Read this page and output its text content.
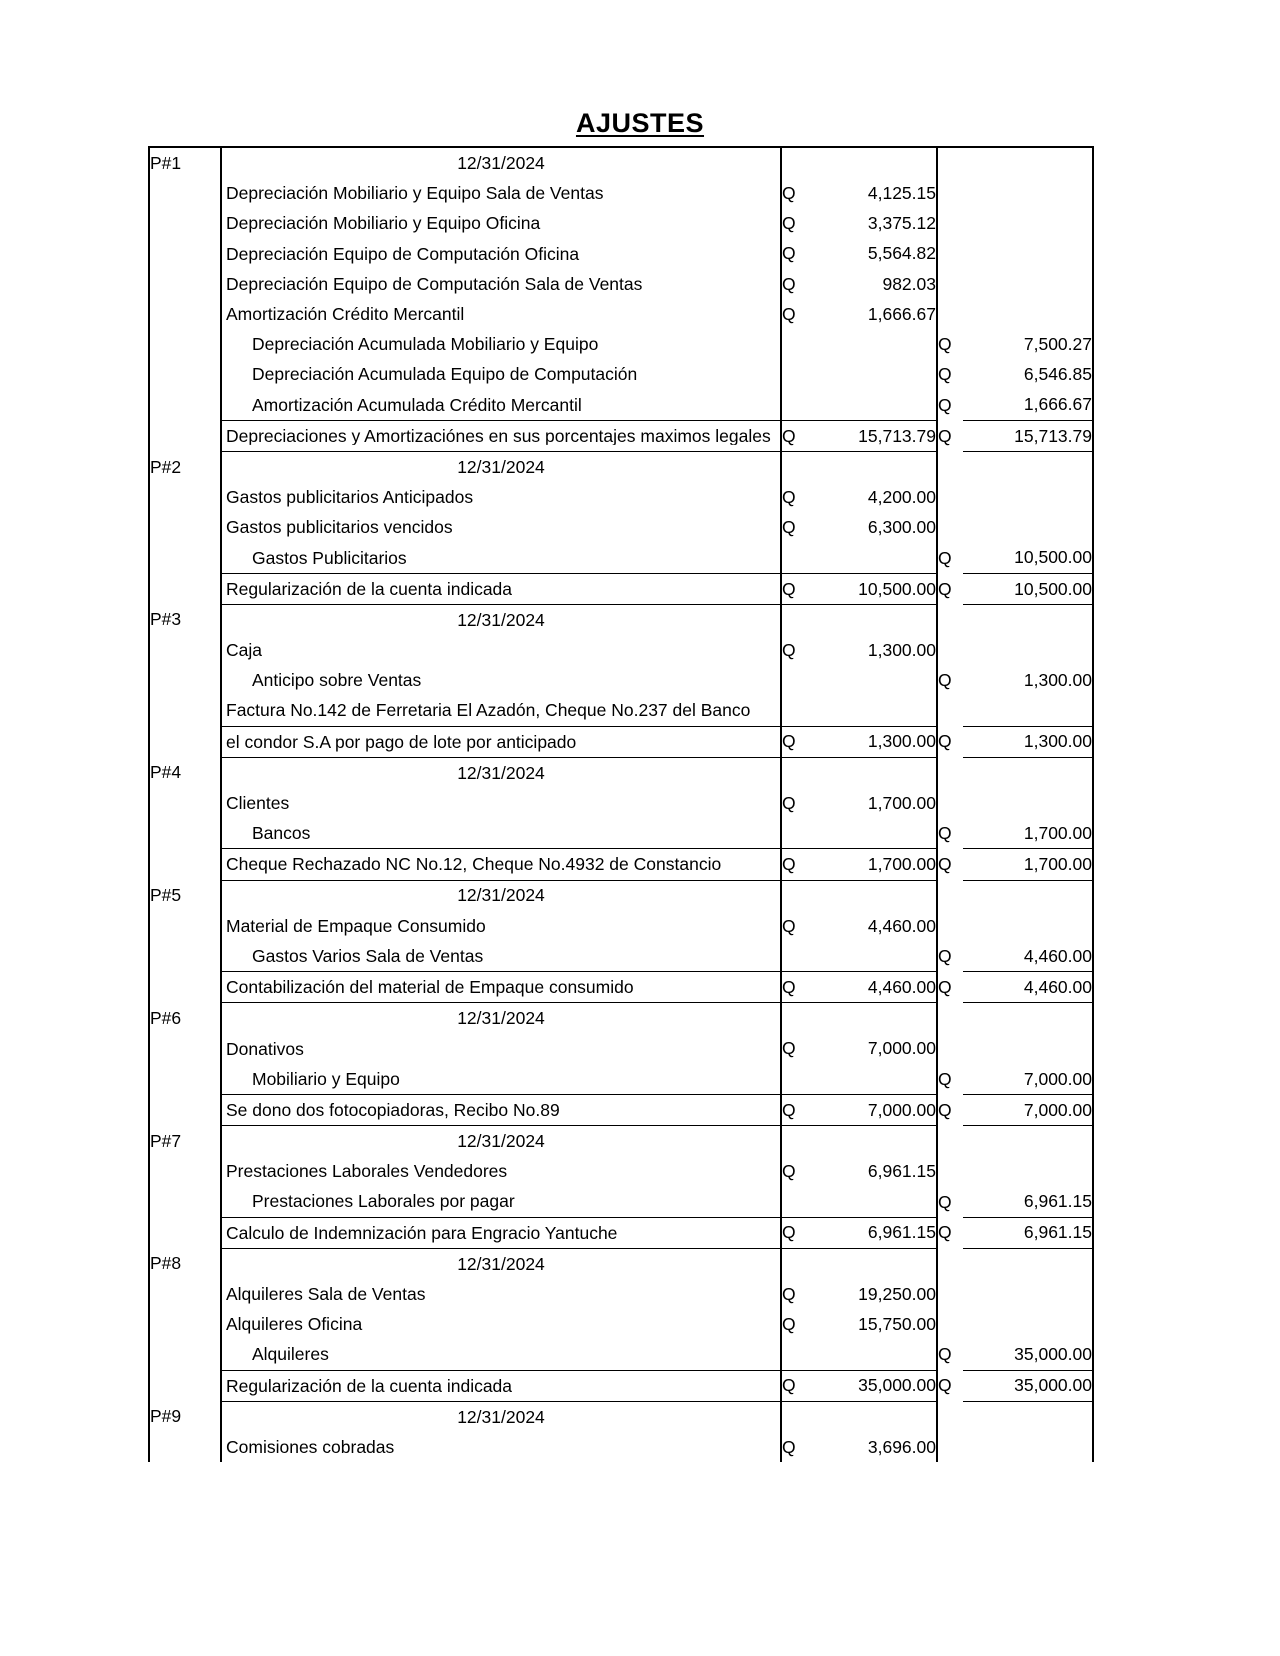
AJUSTES
P#1	12/31/2024				

	Depreciación Mobiliario y Equipo Sala de Ventas	Q	4,125.15		

	Depreciación Mobiliario y Equipo Oficina	Q	3,375.12		

	Depreciación Equipo de Computación Oficina	Q	5,564.82		

	Depreciación Equipo de Computación Sala de Ventas	Q	982.03		

	Amortización Crédito Mercantil	Q	1,666.67		

	Depreciación Acumulada Mobiliario y Equipo			Q	7,500.27

	Depreciación Acumulada Equipo de Computación			Q	6,546.85

	Amortización Acumulada Crédito Mercantil			Q	1,666.67

	Depreciaciones y Amortizaciónes en sus porcentajes maximos legales	Q	15,713.79	Q	15,713.79
P#2	12/31/2024				

	Gastos publicitarios Anticipados	Q	4,200.00		

	Gastos publicitarios vencidos	Q	6,300.00		

	Gastos Publicitarios			Q	10,500.00

	Regularización de la cuenta indicada	Q	10,500.00	Q	10,500.00
P#3	12/31/2024				

	Caja	Q	1,300.00		

	Anticipo sobre Ventas			Q	1,300.00

	Factura No.142 de Ferretaria El Azadón, Cheque No.237 del Banco				

	el condor S.A por pago de lote por anticipado	Q	1,300.00	Q	1,300.00
P#4	12/31/2024				

	Clientes	Q	1,700.00		

	Bancos			Q	1,700.00

	Cheque Rechazado NC No.12, Cheque No.4932 de Constancio	Q	1,700.00	Q	1,700.00
P#5	12/31/2024				

	Material de Empaque Consumido	Q	4,460.00		

	Gastos Varios Sala de Ventas			Q	4,460.00

	Contabilización del material de Empaque consumido	Q	4,460.00	Q	4,460.00
P#6	12/31/2024				

	Donativos	Q	7,000.00		

	Mobiliario y Equipo			Q	7,000.00

	Se dono dos fotocopiadoras, Recibo No.89	Q	7,000.00	Q	7,000.00
P#7	12/31/2024				

	Prestaciones Laborales Vendedores	Q	6,961.15		

	Prestaciones Laborales por pagar			Q	6,961.15

	Calculo de Indemnización para Engracio Yantuche	Q	6,961.15	Q	6,961.15
P#8	12/31/2024				

	Alquileres Sala de Ventas	Q	19,250.00		

	Alquileres Oficina	Q	15,750.00		

	Alquileres			Q	35,000.00

	Regularización de la cuenta indicada	Q	35,000.00	Q	35,000.00
P#9	12/31/2024				

	Comisiones cobradas	Q	3,696.00		
